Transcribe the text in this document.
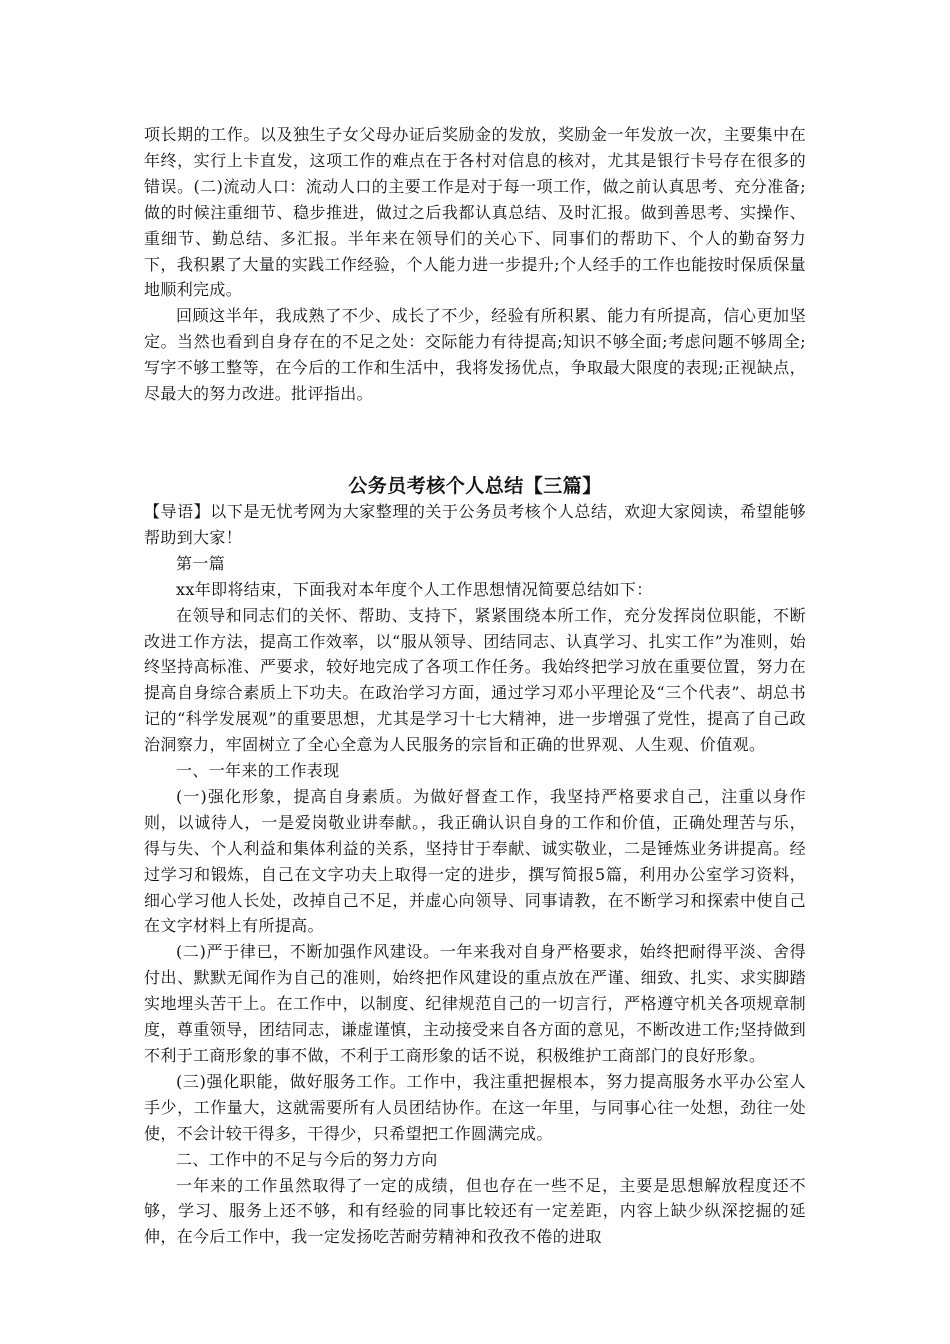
项长期的工作。以及独生子女父母办证后奖励金的发放，奖励金一年发放一次，主要集中在年终，实行上卡直发，这项工作的难点在于各村对信息的核对，尤其是银行卡号存在很多的错误。(二)流动人口：流动人口的主要工作是对于每一项工作，做之前认真思考、充分准备;做的时候注重细节、稳步推进，做过之后我都认真总结、及时汇报。做到善思考、实操作、重细节、勤总结、多汇报。半年来在领导们的关心下、同事们的帮助下、个人的勤奋努力下，我积累了大量的实践工作经验，个人能力进一步提升;个人经手的工作也能按时保质保量地顺利完成。

回顾这半年，我成熟了不少、成长了不少，经验有所积累、能力有所提高，信心更加坚定。当然也看到自身存在的不足之处：交际能力有待提高;知识不够全面;考虑问题不够周全;写字不够工整等，在今后的工作和生活中，我将发扬优点，争取最大限度的表现;正视缺点，尽最大的努力改进。批评指出。

公务员考核个人总结【三篇】

【导语】以下是无忧考网为大家整理的关于公务员考核个人总结，欢迎大家阅读，希望能够帮助到大家！

第一篇

xx年即将结束，下面我对本年度个人工作思想情况简要总结如下：

在领导和同志们的关怀、帮助、支持下，紧紧围绕本所工作，充分发挥岗位职能，不断改进工作方法，提高工作效率，以“服从领导、团结同志、认真学习、扎实工作”为准则，始终坚持高标准、严要求，较好地完成了各项工作任务。我始终把学习放在重要位置，努力在提高自身综合素质上下功夫。在政治学习方面，通过学习邓小平理论及“三个代表”、胡总书记的“科学发展观”的重要思想，尤其是学习十七大精神，进一步增强了党性，提高了自己政治洞察力，牢固树立了全心全意为人民服务的宗旨和正确的世界观、人生观、价值观。

一、一年来的工作表现

(一)强化形象，提高自身素质。为做好督查工作，我坚持严格要求自己，注重以身作则，以诚待人，一是爱岗敬业讲奉献。，我正确认识自身的工作和价值，正确处理苦与乐，得与失、个人利益和集体利益的关系，坚持甘于奉献、诚实敬业，二是锤炼业务讲提高。经过学习和锻炼，自己在文字功夫上取得一定的进步，撰写简报5篇，利用办公室学习资料，细心学习他人长处，改掉自己不足，并虚心向领导、同事请教，在不断学习和探索中使自己在文字材料上有所提高。

(二)严于律已，不断加强作风建设。一年来我对自身严格要求，始终把耐得平淡、舍得付出、默默无闻作为自己的准则，始终把作风建设的重点放在严谨、细致、扎实、求实脚踏实地埋头苦干上。在工作中，以制度、纪律规范自己的一切言行，严格遵守机关各项规章制度，尊重领导，团结同志，谦虚谨慎，主动接受来自各方面的意见，不断改进工作;坚持做到不利于工商形象的事不做，不利于工商形象的话不说，积极维护工商部门的良好形象。

(三)强化职能，做好服务工作。工作中，我注重把握根本，努力提高服务水平办公室人手少，工作量大，这就需要所有人员团结协作。在这一年里，与同事心往一处想，劲往一处使，不会计较干得多，干得少，只希望把工作圆满完成。

二、工作中的不足与今后的努力方向

一年来的工作虽然取得了一定的成绩，但也存在一些不足，主要是思想解放程度还不够，学习、服务上还不够，和有经验的同事比较还有一定差距，内容上缺少纵深挖掘的延伸，在今后工作中，我一定发扬吃苦耐劳精神和孜孜不倦的进取
